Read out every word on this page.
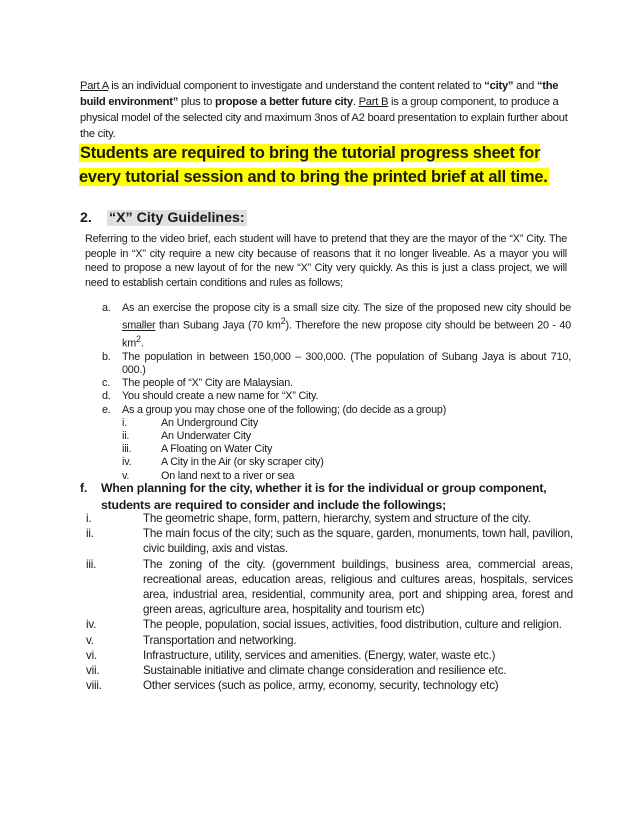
Part A is an individual component to investigate and understand the content related to “city” and “the build environment” plus to propose a better future city. Part B is a group component, to produce a physical model of the selected city and maximum 3nos of A2 board presentation to explain further about the city.
Students are required to bring the tutorial progress sheet for every tutorial session and to bring the printed brief at all time.
2. “X” City Guidelines:
Referring to the video brief, each student will have to pretend that they are the mayor of the “X” City. The people in “X” city require a new city because of reasons that it no longer liveable. As a mayor you will need to propose a new layout of for the new “X” City very quickly. As this is just a class project, we will need to establish certain conditions and rules as follows;
a. As an exercise the propose city is a small size city. The size of the proposed new city should be smaller than Subang Jaya (70 $km^2$). Therefore the new propose city should be between 20 - 40 $km^2$.
b. The population in between 150,000 – 300,000. (The population of Subang Jaya is about 710, 000.)
c. The people of “X” City are Malaysian.
d. You should create a new name for “X” City.
e. As a group you may chose one of the following; (do decide as a group)
i.	An Underground City
ii.	An Underwater City
iii.	A Floating on Water City
iv.	A City in the Air (or sky scraper city)
v.	On land next to a river or sea
f.	When planning for the city, whether it is for the individual or group component, students are required to consider and include the followings;
i.	The geometric shape, form, pattern, hierarchy, system and structure of the city.
ii.	The main focus of the city; such as the square, garden, monuments, town hall, pavilion, civic building, axis and vistas.
iii.	The zoning of the city. (government buildings, business area, commercial areas, recreational areas, education areas, religious and cultures areas, hospitals, services area, industrial area, residential, community area, port and shipping area, forest and green areas, agriculture area, hospitality and tourism etc)
iv.	The people, population, social issues, activities, food distribution, culture and religion.
v.	Transportation and networking.
vi.	Infrastructure, utility, services and amenities. (Energy, water, waste etc.)
vii.	Sustainable initiative and climate change consideration and resilience etc.
viii.	Other services (such as police, army, economy, security, technology etc)
